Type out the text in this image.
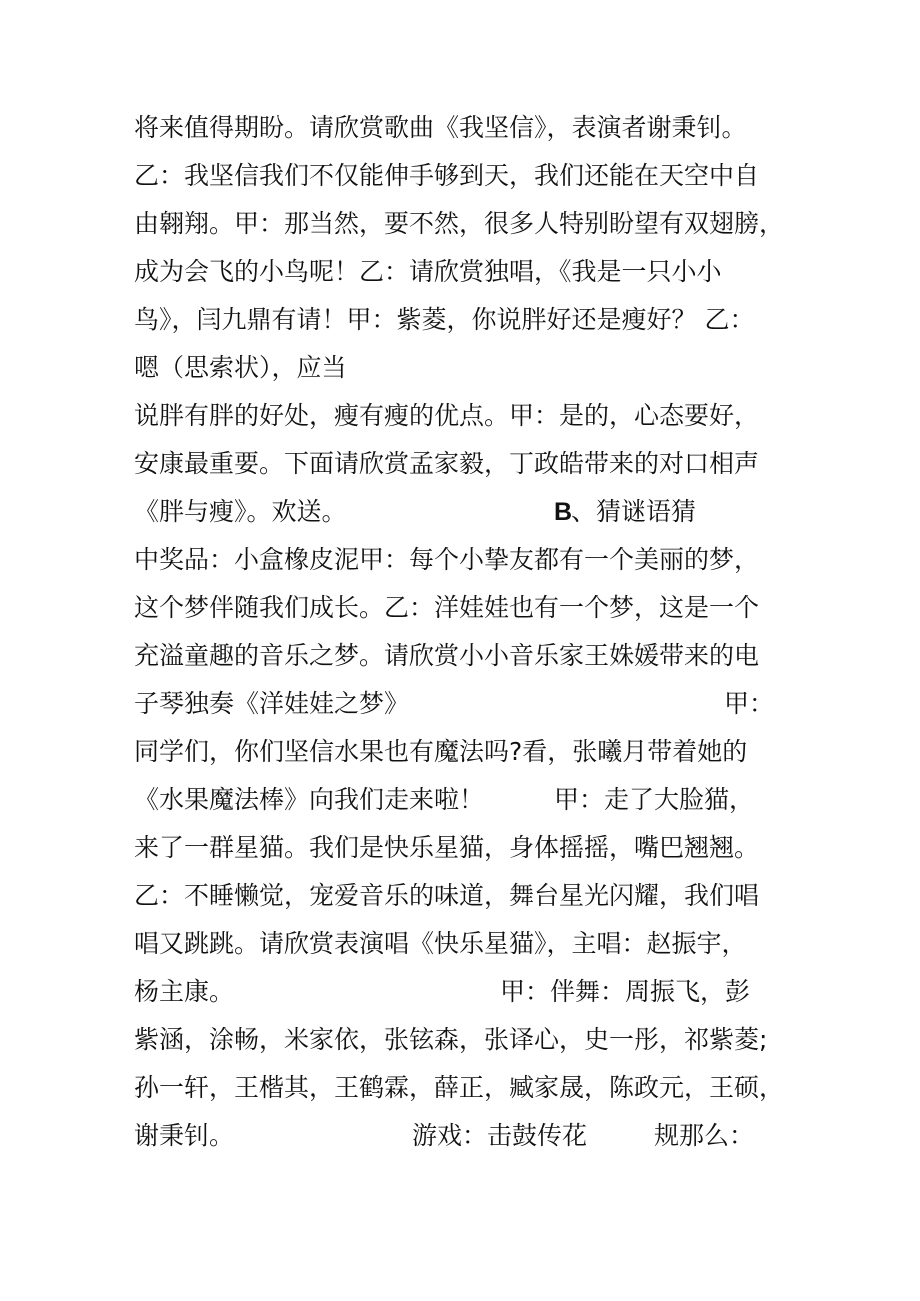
将来值得期盼。请欣赏歌曲《我坚信》，表演者谢秉钊。
乙：我坚信我们不仅能伸手够到天，我们还能在天空中自
由翱翔。甲：那当然，要不然，很多人特别盼望有双翅膀，
成为会飞的小鸟呢！乙：请欣赏独唱，《我是一只小小
鸟》，闫九鼎有请！甲：紫菱，你说胖好还是瘦好？ 乙：
嗯（思索状），应当
说胖有胖的好处，瘦有瘦的优点。甲：是的，心态要好，
安康最重要。下面请欣赏孟家毅，丁政皓带来的对口相声
《胖与瘦》。欢送。	B
、猜谜语猜
中奖品：小盒橡皮泥甲：每个小挚友都有一个美丽的梦，
这个梦伴随我们成长。乙：洋娃娃也有一个梦，这是一个
充溢童趣的音乐之梦。请欣赏小小音乐家王姝媛带来的电
子琴独奏《洋娃娃之梦》	甲：
同学们，你们坚信水果也有魔法吗?看，张曦月带着她的
《水果魔法棒》向我们走来啦！	甲：走了大脸猫，
来了一群星猫。我们是快乐星猫，身体摇摇，嘴巴翘翘。
乙：不睡懒觉，宠爱音乐的味道，舞台星光闪耀，我们唱
唱又跳跳。请欣赏表演唱《快乐星猫》，主唱：赵振宇，
杨主康。	甲：伴舞：周振飞，彭
紫涵，涂畅，米家依，张铉森，张译心，史一彤，祁紫菱;
孙一轩，王楷其，王鹤霖，薛正，臧家晟，陈政元，王硕，
谢秉钊。	游戏：击鼓传花	规那么：
